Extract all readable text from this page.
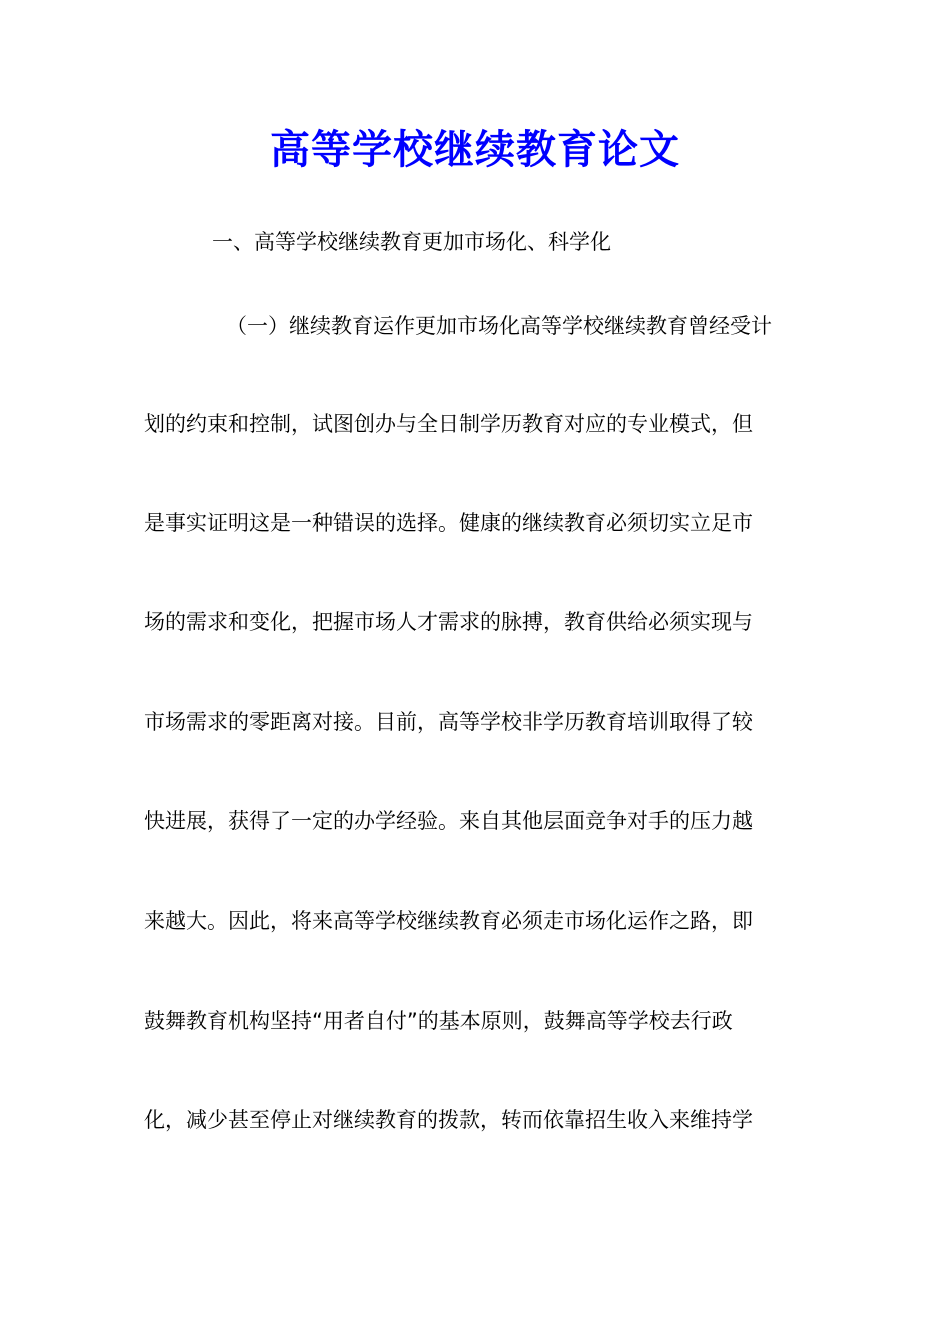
高等学校继续教育论文
一、高等学校继续教育更加市场化、科学化
（一）继续教育运作更加市场化高等学校继续教育曾经受计
划的约束和控制，试图创办与全日制学历教育对应的专业模式，但
是事实证明这是一种错误的选择。健康的继续教育必须切实立足市
场的需求和变化，把握市场人才需求的脉搏，教育供给必须实现与
市场需求的零距离对接。目前，高等学校非学历教育培训取得了较
快进展，获得了一定的办学经验。来自其他层面竞争对手的压力越
来越大。因此，将来高等学校继续教育必须走市场化运作之路，即
鼓舞教育机构坚持“用者自付”的基本原则，鼓舞高等学校去行政
化，减少甚至停止对继续教育的拨款，转而依靠招生收入来维持学
